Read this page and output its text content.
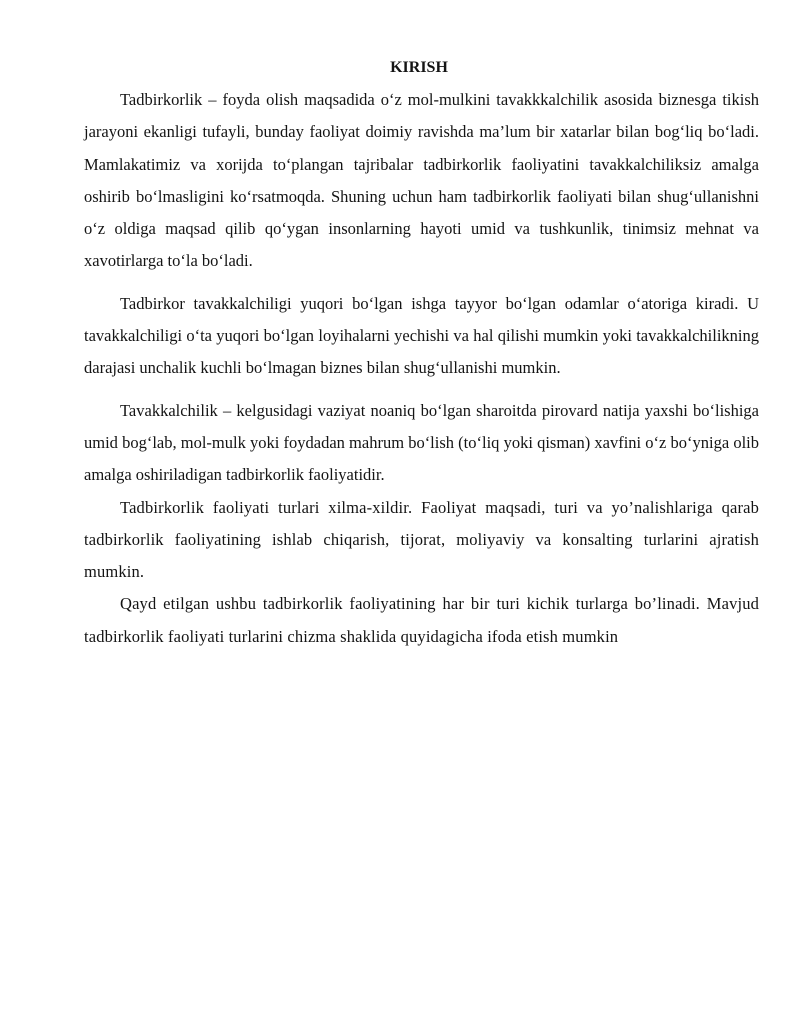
KIRISH

Tadbirkorlik – foyda olish maqsadida o‘z mol-mulkini tavakkkalchilik asosida biznesga tikish jarayoni ekanligi tufayli, bunday faoliyat doimiy ravishda ma’lum bir xatarlar bilan bog‘liq bo‘ladi. Mamlakatimiz va xorijda to‘plangan tajribalar tadbirkorlik faoliyatini tavakkalchiliksiz amalga oshirib bo‘lmasligini ko‘rsatmoqda. Shuning uchun ham tadbirkorlik faoliyati bilan shug‘ullanishni o‘z oldiga maqsad qilib qo‘ygan insonlarning hayoti umid va tushkunlik, tinimsiz mehnat va xavotirlarga to‘la bo‘ladi.

Tadbirkor tavakkalchiligi yuqori bo‘lgan ishga tayyor bo‘lgan odamlar o‘atoriga kiradi. U tavakkalchiligi o‘ta yuqori bo‘lgan loyihalarni yechishi va hal qilishi mumkin yoki tavakkalchilikning darajasi unchalik kuchli bo‘lmagan biznes bilan shug‘ullanishi mumkin.

Tavakkalchilik – kelgusidagi vaziyat noaniq bo‘lgan sharoitda pirovard natija yaxshi bo‘lishiga umid bog‘lab, mol-mulk yoki foydadan mahrum bo‘lish (to‘liq yoki qisman) xavfini o‘z bo‘yniga olib amalga oshiriladigan tadbirkorlik faoliyatidir.

Tadbirkorlik faoliyati turlari xilma-xildir. Faoliyat maqsadi, turi va yo’nalishlariga qarab tadbirkorlik faoliyatining ishlab chiqarish, tijorat, moliyaviy va konsalting turlarini ajratish mumkin.

Qayd etilgan ushbu tadbirkorlik faoliyatining har bir turi kichik turlarga bo’linadi. Mavjud tadbirkorlik faoliyati turlarini chizma shaklida quyidagicha ifoda etish mumkin
